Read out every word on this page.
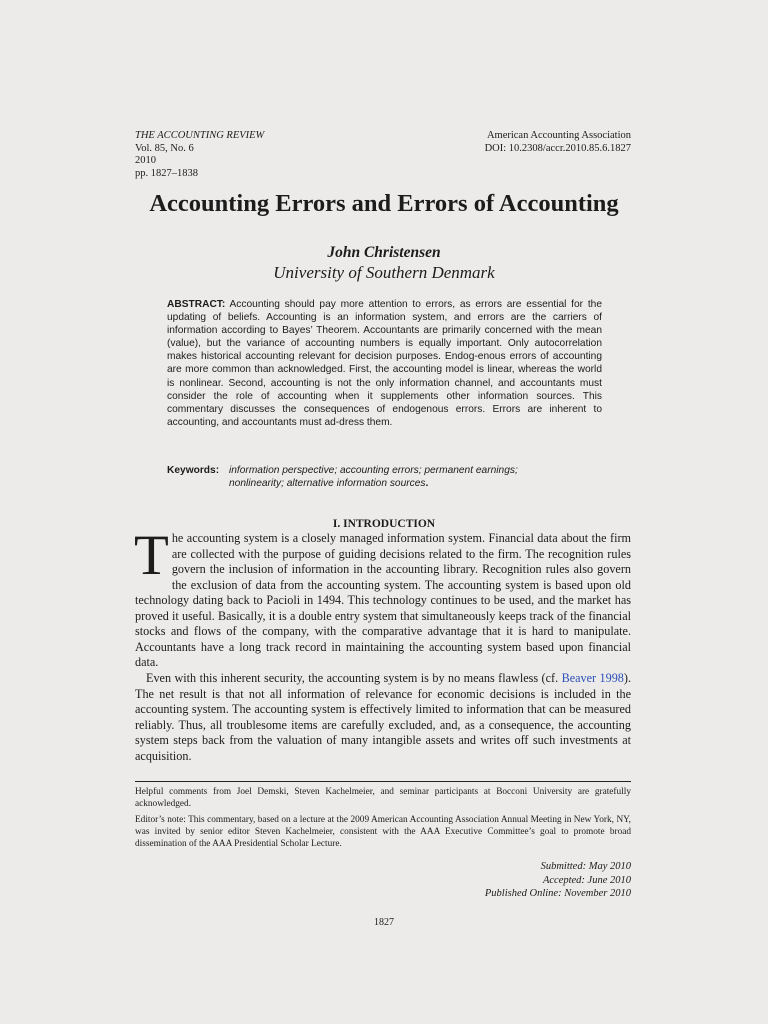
THE ACCOUNTING REVIEW
Vol. 85, No. 6
2010
pp. 1827–1838
American Accounting Association
DOI: 10.2308/accr.2010.85.6.1827
Accounting Errors and Errors of Accounting
John Christensen
University of Southern Denmark
ABSTRACT: Accounting should pay more attention to errors, as errors are essential for the updating of beliefs. Accounting is an information system, and errors are the carriers of information according to Bayes’ Theorem. Accountants are primarily concerned with the mean (value), but the variance of accounting numbers is equally important. Only autocorrelation makes historical accounting relevant for decision purposes. Endog-enous errors of accounting are more common than acknowledged. First, the accounting model is linear, whereas the world is nonlinear. Second, accounting is not the only information channel, and accountants must consider the role of accounting when it supplements other information sources. This commentary discusses the consequences of endogenous errors. Errors are inherent to accounting, and accountants must ad-dress them.
Keywords: information perspective; accounting errors; permanent earnings;
nonlinearity; alternative information sources.
I. INTRODUCTION
The accounting system is a closely managed information system. Financial data about the firm are collected with the purpose of guiding decisions related to the firm. The recognition rules govern the inclusion of information in the accounting library. Recognition rules also govern the exclusion of data from the accounting system. The accounting system is based upon old technology dating back to Pacioli in 1494. This technology continues to be used, and the market has proved it useful. Basically, it is a double entry system that simultaneously keeps track of the financial stocks and flows of the company, with the comparative advantage that it is hard to manipulate. Accountants have a long track record in maintaining the accounting system based upon financial data.
Even with this inherent security, the accounting system is by no means flawless (cf. Beaver 1998). The net result is that not all information of relevance for economic decisions is included in the accounting system. The accounting system is effectively limited to information that can be measured reliably. Thus, all troublesome items are carefully excluded, and, as a consequence, the accounting system steps back from the valuation of many intangible assets and writes off such investments at acquisition.
Helpful comments from Joel Demski, Steven Kachelmeier, and seminar participants at Bocconi University are gratefully acknowledged.
Editor’s note: This commentary, based on a lecture at the 2009 American Accounting Association Annual Meeting in New York, NY, was invited by senior editor Steven Kachelmeier, consistent with the AAA Executive Committee’s goal to promote broad dissemination of the AAA Presidential Scholar Lecture.
Submitted: May 2010
Accepted: June 2010
Published Online: November 2010
1827
